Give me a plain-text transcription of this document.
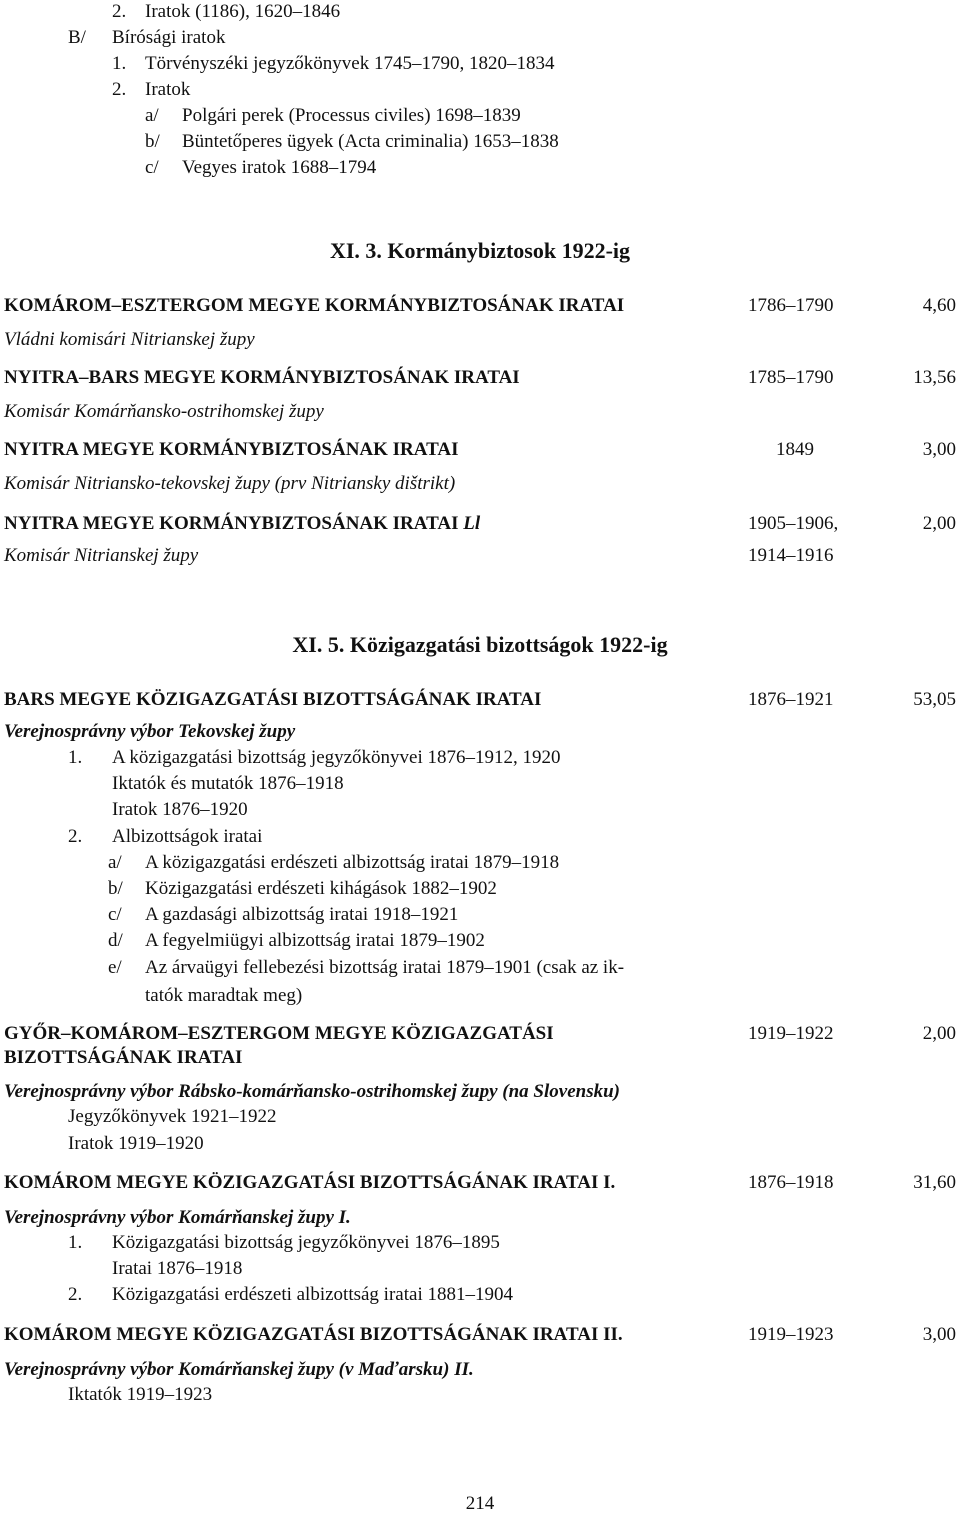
2. Iratok (1186), 1620–1846
B/ Bírósági iratok
1. Törvényszéki jegyzőkönyvek 1745–1790, 1820–1834
2. Iratok
a/ Polgári perek (Processus civiles) 1698–1839
b/ Büntetőperes ügyek (Acta criminalia) 1653–1838
c/ Vegyes iratok 1688–1794
XI. 3. Kormánybiztosok 1922-ig
KOMÁROM–ESZTERGOM MEGYE KORMÁNYBIZTOSÁNAK IRATAI	1786–1790	4,60
Vládni komisári Nitrianskej župy
NYITRA–BARS MEGYE KORMÁNYBIZTOSÁNAK IRATAI	1785–1790	13,56
Komisár Komárňansko-ostrihomskej župy
NYITRA MEGYE KORMÁNYBIZTOSÁNAK IRATAI	1849	3,00
Komisár Nitriansko-tekovskej župy (prv Nitriansky dištrikt)
NYITRA MEGYE KORMÁNYBIZTOSÁNAK IRATAI Ll	1905–1906,	2,00
Komisár Nitrianskej župy	1914–1916
XI. 5. Közigazgatási bizottságok 1922-ig
BARS MEGYE KÖZIGAZGATÁSI BIZOTTSÁGÁNAK IRATAI	1876–1921	53,05
Verejnosprávny výbor Tekovskej župy
1. A közigazgatási bizottság jegyzőkönyvei 1876–1912, 1920
Iktatók és mutatók 1876–1918
Iratok 1876–1920
2. Albizottságok iratai
a/ A közigazgatási erdészeti albizottság iratai 1879–1918
b/ Közigazgatási erdészeti kihágások 1882–1902
c/ A gazdasági albizottság iratai 1918–1921
d/ A fegyelmiügyi albizottság iratai 1879–1902
e/ Az árvaügyi fellebezési bizottság iratai 1879–1901 (csak az ik-
tatók maradtak meg)
GYŐR–KOMÁROM–ESZTERGOM MEGYE KÖZIGAZGATÁSI	1919–1922	2,00
BIZOTTSÁGÁNAK IRATAI
Verejnosprávny výbor Rábsko-komárňansko-ostrihomskej župy (na Slovensku)
Jegyzőkönyvek 1921–1922
Iratok 1919–1920
KOMÁROM MEGYE KÖZIGAZGATÁSI BIZOTTSÁGÁNAK IRATAI I.	1876–1918	31,60
Verejnosprávny výbor Komárňanskej župy I.
1. Közigazgatási bizottság jegyzőkönyvei 1876–1895
Iratai 1876–1918
2. Közigazgatási erdészeti albizottság iratai 1881–1904
KOMÁROM MEGYE KÖZIGAZGATÁSI BIZOTTSÁGÁNAK IRATAI II.	1919–1923	3,00
Verejnosprávny výbor Komárňanskej župy (v Maďarsku) II.
Iktatók 1919–1923
214
